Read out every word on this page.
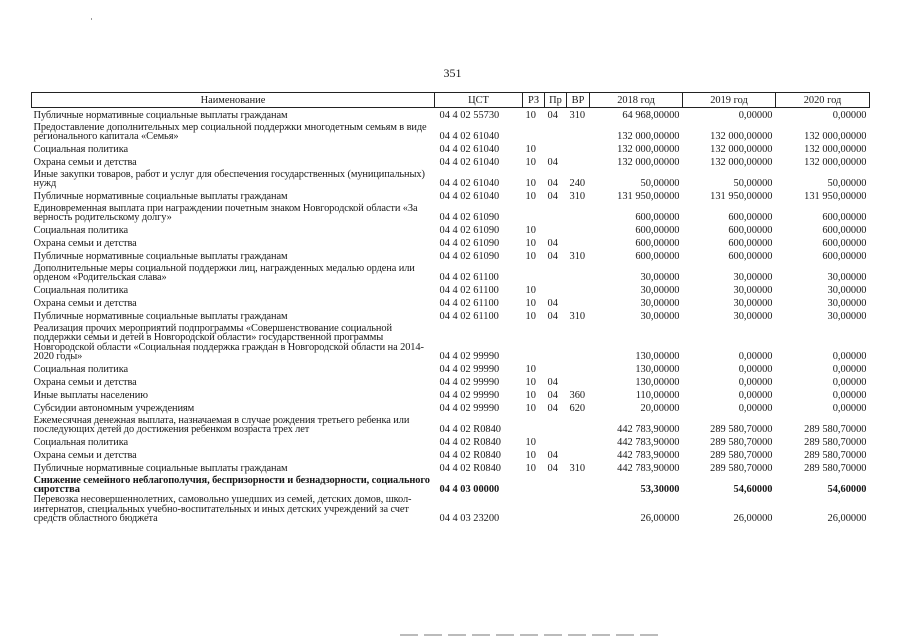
351
Наименование	ЦСТ	РЗ	Пр	ВР	2018 год	2019 год	2020 год
Публичные нормативные социальные выплаты гражданам	04 4 02 55730	10	04	310	64 968,00000	0,00000	0,00000
Предоставление дополнительных мер социальной поддержки многодетным семьям в виде регионального капитала «Семья»	04 4 02 61040				132 000,00000	132 000,00000	132 000,00000
Социальная политика	04 4 02 61040	10			132 000,00000	132 000,00000	132 000,00000
Охрана семьи и детства	04 4 02 61040	10	04		132 000,00000	132 000,00000	132 000,00000
Иные закупки товаров, работ и услуг для обеспечения государственных (муниципальных) нужд	04 4 02 61040	10	04	240	50,00000	50,00000	50,00000
Публичные нормативные социальные выплаты гражданам	04 4 02 61040	10	04	310	131 950,00000	131 950,00000	131 950,00000
Единовременная выплата при награждении почетным знаком Новгородской области «За верность родительскому долгу»	04 4 02 61090				600,00000	600,00000	600,00000
Социальная политика	04 4 02 61090	10			600,00000	600,00000	600,00000
Охрана семьи и детства	04 4 02 61090	10	04		600,00000	600,00000	600,00000
Публичные нормативные социальные выплаты гражданам	04 4 02 61090	10	04	310	600,00000	600,00000	600,00000
Дополнительные меры социальной поддержки лиц, награжденных медалью ордена или орденом «Родительская слава»	04 4 02 61100				30,00000	30,00000	30,00000
Социальная политика	04 4 02 61100	10			30,00000	30,00000	30,00000
Охрана семьи и детства	04 4 02 61100	10	04		30,00000	30,00000	30,00000
Публичные нормативные социальные выплаты гражданам	04 4 02 61100	10	04	310	30,00000	30,00000	30,00000
Реализация прочих мероприятий подпрограммы «Совершенствование социальной поддержки семьи и детей в Новгородской области» государственной программы Новгородской области «Социальная поддержка граждан в Новгородской области на 2014-2020 годы»	04 4 02 99990				130,00000	0,00000	0,00000
Социальная политика	04 4 02 99990	10			130,00000	0,00000	0,00000
Охрана семьи и детства	04 4 02 99990	10	04		130,00000	0,00000	0,00000
Иные выплаты населению	04 4 02 99990	10	04	360	110,00000	0,00000	0,00000
Субсидии автономным учреждениям	04 4 02 99990	10	04	620	20,00000	0,00000	0,00000
Ежемесячная денежная выплата, назначаемая в случае рождения третьего ребенка или последующих детей до достижения ребенком возраста трех лет	04 4 02 R0840				442 783,90000	289 580,70000	289 580,70000
Социальная политика	04 4 02 R0840	10			442 783,90000	289 580,70000	289 580,70000
Охрана семьи и детства	04 4 02 R0840	10	04		442 783,90000	289 580,70000	289 580,70000
Публичные нормативные социальные выплаты гражданам	04 4 02 R0840	10	04	310	442 783,90000	289 580,70000	289 580,70000
Снижение семейного неблагополучия, беспризорности и безнадзорности, социального сиротства	04 4 03 00000				53,30000	54,60000	54,60000
Перевозка несовершеннолетних, самовольно ушедших из семей, детских домов, школ-интернатов, специальных учебно-воспитательных и иных детских учреждений за счет средств областного бюджета	04 4 03 23200				26,00000	26,00000	26,00000
